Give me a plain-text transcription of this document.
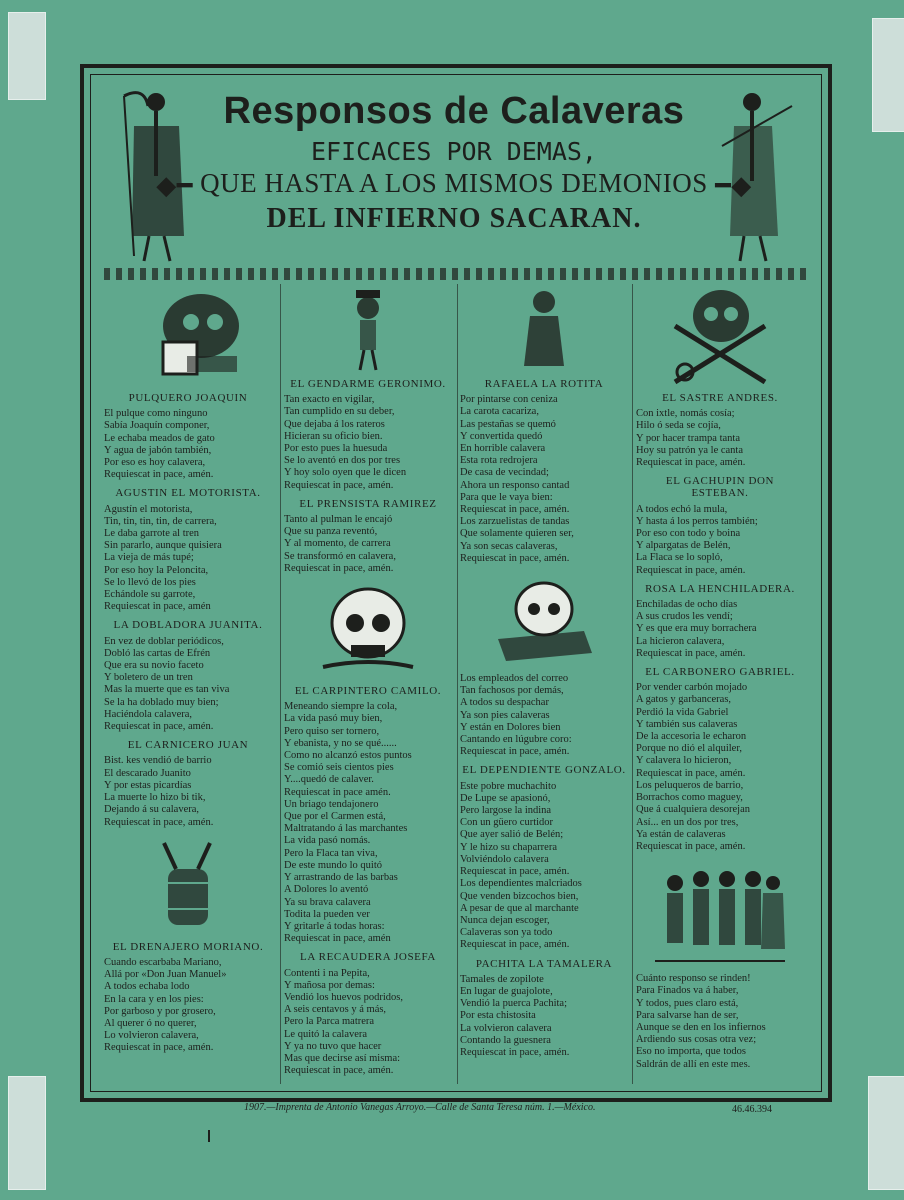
Responsos de Calaveras
EFICACES POR DEMAS,
◆━ QUE HASTA A LOS MISMOS DEMONIOS ━◆
DEL INFIERNO SACARAN.
PULQUERO JOAQUIN

El pulque como ninguno

Sabía Joaquín componer,

Le echaba meados de gato

Y agua de jabón también,

Por eso es hoy calavera,

Requiescat in pace, amén.

AGUSTIN EL MOTORISTA.

Agustín el motorista,

Tin, tin, tin, tin, de carrera,

Le daba garrote al tren

Sin pararlo, aunque quisiera

La vieja de más tupé;

Por eso hoy la Peloncita,

Se lo llevó de los pies

Echándole su garrote,

Requiescat in pace, amén

LA DOBLADORA JUANITA.

En vez de doblar periódicos,

Dobló las cartas de Efrén

Que era su novio faceto

Y boletero de un tren

Mas la muerte que es tan viva

Se la ha doblado muy bien;

Haciéndola calavera,

Requiescat in pace, amén.

EL CARNICERO JUAN

Bist. kes vendió de barrio

El descarado Juanito

Y por estas picardías

La muerte lo hizo bi tik,

Dejando á su calavera,

Requiescat in pace, amén.

EL DRENAJERO MORIANO.

Cuando escarbaba Mariano,

Allá por «Don Juan Manuel»

A todos echaba lodo

En la cara y en los pies:

Por garboso y por grosero,

Al querer ó no querer,

Lo volvieron calavera,

Requiescat in pace, amén.

EL GENDARME GERONIMO.

Tan exacto en vigilar,

Tan cumplido en su deber,

Que dejaba á los rateros

Hicieran su oficio bien.

Por esto pues la huesuda

Se lo aventó en dos por tres

Y hoy solo oyen que le dicen

Requiescat in pace, amén.

EL PRENSISTA RAMIREZ

Tanto al pulman le encajó

Que su panza reventó,

Y al momento, de carrera

Se transformó en calavera,

Requiescat in pace, amén.

EL CARPINTERO CAMILO.

Meneando siempre la cola,

La vida pasó muy bien,

Pero quiso ser tornero,

Y ebanista, y no se qué......

Como no alcanzó estos puntos

Se comió seis cientos pies

Y....quedó de calaver.

Requiescat in pace amén.

Un briago tendajonero

Que por el Carmen está,

Maltratando á las marchantes

La vida pasó nomás.

Pero la Flaca tan viva,

De este mundo lo quitó

Y arrastrando de las barbas

A Dolores lo aventó

Ya su brava calavera

Todita la pueden ver

Y gritarle á todas horas:

Requiescat in pace, amén

LA RECAUDERA JOSEFA

Contenti i na Pepita,

Y mañosa por demas:

Vendió los huevos podridos,

A seis centavos y á más,

Pero la Parca matrera

Le quitó la calavera

Y ya no tuvo que hacer

Mas que decirse así misma:

Requiescat in pace, amén.

RAFAELA LA ROTITA

Por pintarse con ceniza

La carota cacariza,

Las pestañas se quemó

Y convertida quedó

En horrible calavera

Esta rota redrojera

De casa de vecindad;

Ahora un responso cantad

Para que le vaya bien:

Requiescat in pace, amén.

Los zarzuelistas de tandas

Que solamente quieren ser,

Ya son secas calaveras,

Requiescat in pace, amén.

Los empleados del correo

Tan fachosos por demás,

A todos su despachar

Ya son pies calaveras

Y están en Dolores bien

Cantando en lúgubre coro:

Requiescat in pace, amén.

EL DEPENDIENTE GONZALO.

Este pobre muchachito

De Lupe se apasionó,

Pero largose la indina

Con un güero curtidor

Que ayer salió de Belén;

Y le hizo su chaparrera

Volviéndolo calavera

Requiescat in pace, amén.

Los dependientes malcriados

Que venden bizcochos bien,

A pesar de que al marchante

Nunca dejan escoger,

Calaveras son ya todo

Requiescat in pace, amén.

PACHITA LA TAMALERA

Tamales de zopilote

En lugar de guajolote,

Vendió la puerca Pachita;

Por esta chistosita

La volvieron calavera

Contando la guesnera

Requiescat in pace, amén.

EL SASTRE ANDRES.

Con ixtle, nomás cosía;

Hilo ó seda se cojía,

Y por hacer trampa tanta

Hoy su patrón ya le canta

Requiescat in pace, amén.

EL GACHUPIN DON ESTEBAN.

A todos echó la mula,

Y hasta á los perros también;

Por eso con todo y boina

Y alpargatas de Belén,

La Flaca se lo sopló,

Requiescat in pace, amén.

ROSA LA HENCHILADERA.

Enchiladas de ocho días

A sus crudos les vendí;

Y es que era muy borrachera

La hicieron calavera,

Requiescat in pace, amén.

EL CARBONERO GABRIEL.

Por vender carbón mojado

A gatos y garbanceras,

Perdió la vida Gabriel

Y también sus calaveras

De la accesoria le echaron

Porque no dió el alquiler,

Y calavera lo hicieron,

Requiescat in pace, amén.

Los peluqueros de barrio,

Borrachos como maguey,

Que á cualquiera desorejan

Así... en un dos por tres,

Ya están de calaveras

Requiescat in pace, amén.

Cuánto responso se rinden!

Para Finados va á haber,

Y todos, pues claro está,

Para salvarse han de ser,

Aunque se den en los infiernos

Ardiendo sus cosas otra vez;

Eso no importa, que todos

Saldrán de allí en este mes.

1907.—Imprenta de Antonio Vanegas Arroyo.—Calle de Santa Teresa núm. 1.—México.	46.46.394
